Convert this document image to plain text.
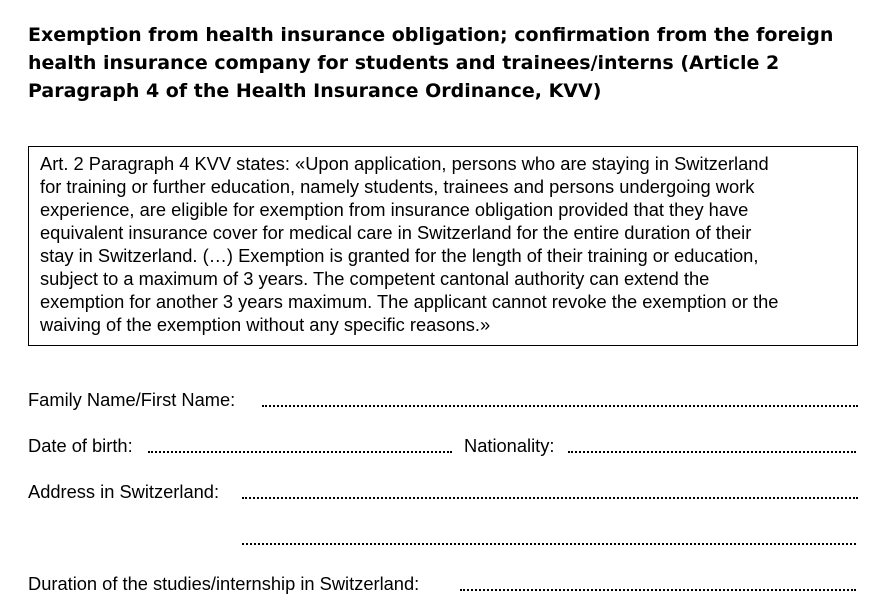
Exemption from health insurance obligation; confirmation from the foreign
health insurance company for students and trainees/interns (Article 2
Paragraph 4 of the Health Insurance Ordinance, KVV)
Art. 2 Paragraph 4 KVV states: «Upon application, persons who are staying in Switzerland
for training or further education, namely students, trainees and persons undergoing work
experience, are eligible for exemption from insurance obligation provided that they have
equivalent insurance cover for medical care in Switzerland for the entire duration of their
stay in Switzerland. (…) Exemption is granted for the length of their training or education,
subject to a maximum of 3 years. The competent cantonal authority can extend the
exemption for another 3 years maximum. The applicant cannot revoke the exemption or the
waiving of the exemption without any specific reasons.»
Family Name/First Name:
Date of birth:	Nationality:
Address in Switzerland:
Duration of the studies/internship in Switzerland:
